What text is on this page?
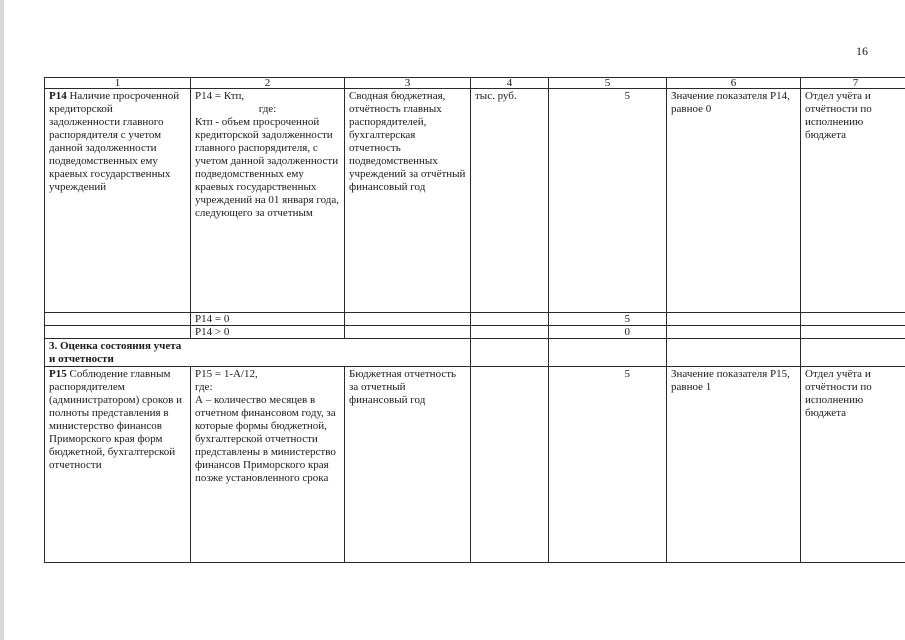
16
1	2	3	4	5	6	7
Р14 Наличие просроченной кредиторской задолженности главного распорядителя с учетом данной задолженности подведомственных ему краевых государственных учреждений	Р14 = Ктп,
где:
Ктп - объем просроченной кредиторской задолженности главного распорядителя, с учетом данной задолженности подведомственных ему краевых государственных учреждений на 01 января года, следующего за отчетным	Сводная бюджетная, отчётность главных распорядителей, бухгалтерская отчетность подведомственных учреждений за отчётный финансовый год	тыс. руб.	5	Значение показателя Р14, равное 0	Отдел учёта и отчётности по исполнению бюджета
	Р14 = 0			5		
	Р14 > 0			0		
3. Оценка состояния учета и отчетности						
Р15 Соблюдение главным распорядителем (администратором) сроков и полноты представления в министерство финансов Приморского края форм бюджетной, бухгалтерской отчетности	Р15 = 1-А/12,
где:
А – количество месяцев в отчетном финансовом году, за которые формы бюджетной, бухгалтерской отчетности представлены в министерство финансов Приморского края позже установленного срока	Бюджетная отчетность за отчетный финансовый год		5	Значение показателя Р15, равное 1	Отдел учёта и отчётности по исполнению бюджета
